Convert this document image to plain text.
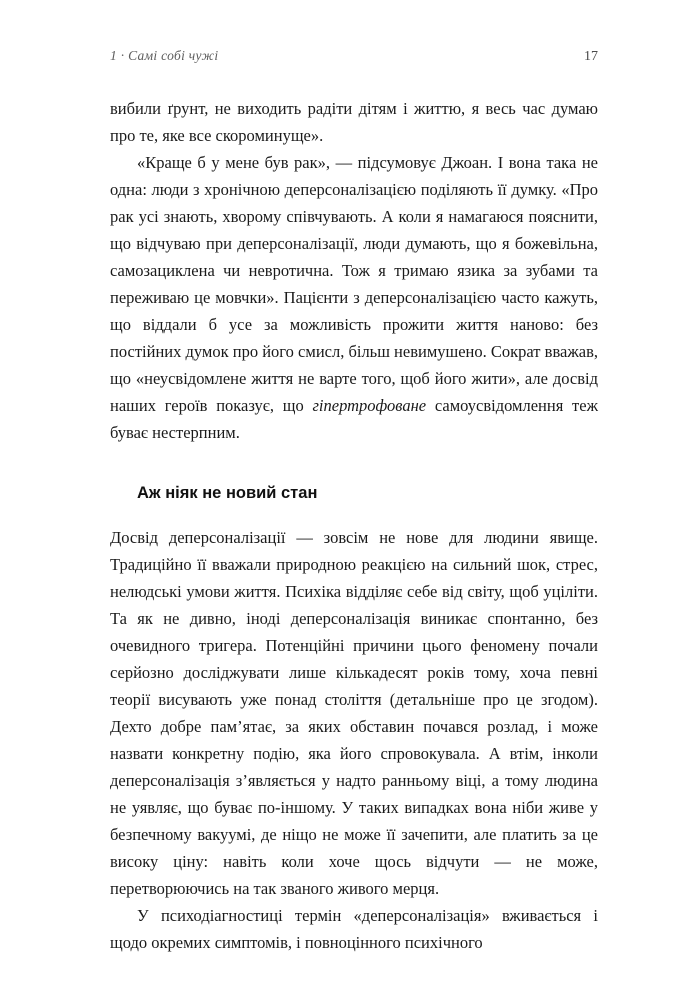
1 · Самі собі чужі	17

вибили ґрунт, не виходить радіти дітям і життю, я весь час думаю про те, яке все скороминуще».

«Краще б у мене був рак», — підсумовує Джоан. І вона така не одна: люди з хронічною деперсоналізацією поділяють її думку. «Про рак усі знають, хворому співчувають. А коли я намагаюся пояснити, що відчуваю при деперсоналізації, люди думають, що я божевільна, самозациклена чи невротична. Тож я тримаю язика за зубами та переживаю це мовчки». Пацієнти з деперсоналізацією часто кажуть, що віддали б усе за можливість прожити життя наново: без постійних думок про його смисл, більш невимушено. Сократ вважав, що «неусвідомлене життя не варте того, щоб його жити», але досвід наших героїв показує, що гіпертрофоване самоусвідомлення теж буває нестерпним.

Аж ніяк не новий стан

Досвід деперсоналізації — зовсім не нове для людини явище. Традиційно її вважали природною реакцією на сильний шок, стрес, нелюдські умови життя. Психіка відділяє себе від світу, щоб уціліти. Та як не дивно, іноді деперсоналізація виникає спонтанно, без очевидного тригера. Потенційні причини цього феномену почали серйозно досліджувати лише кількадесят років тому, хоча певні теорії висувають уже понад століття (детальніше про це згодом). Дехто добре пам’ятає, за яких обставин почався розлад, і може назвати конкретну подію, яка його спровокувала. А втім, інколи деперсоналізація з’являється у надто ранньому віці, а тому людина не уявляє, що буває по-іншому. У таких випадках вона ніби живе у безпечному вакуумі, де ніщо не може її зачепити, але платить за це високу ціну: навіть коли хоче щось відчути — не може, перетворюючись на так званого живого мерця.

У психодіагностиці термін «деперсоналізація» вживається і щодо окремих симптомів, і повноцінного психічного
